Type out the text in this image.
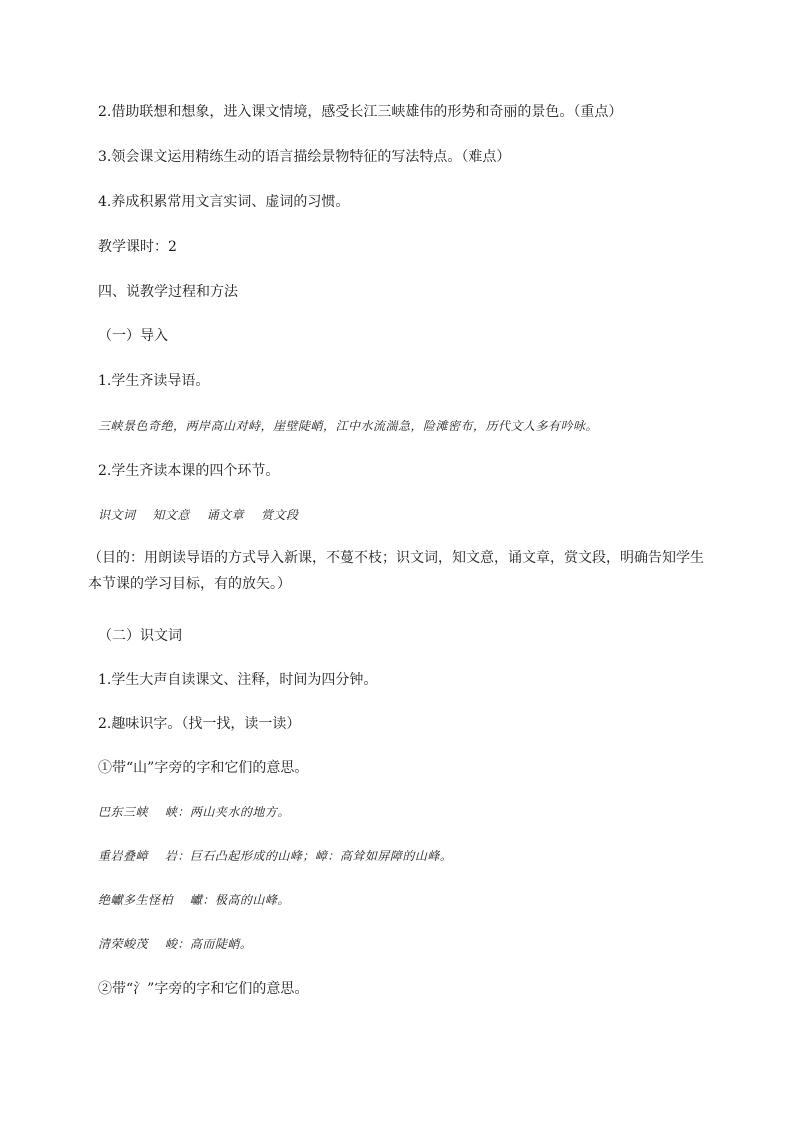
2.借助联想和想象，进入课文情境，感受长江三峡雄伟的形势和奇丽的景色。（重点）
3.领会课文运用精练生动的语言描绘景物特征的写法特点。（难点）
4.养成积累常用文言实词、虚词的习惯。
教学课时：2
四、说教学过程和方法
（一）导入
1.学生齐读导语。
三峡景色奇绝，两岸高山对峙，崖壁陡峭，江中水流湍急，险滩密布，历代文人多有吟咏。
2.学生齐读本课的四个环节。
识文词　 知文意　 诵文章　 赏文段
（目的：用朗读导语的方式导入新课，不蔓不枝；识文词，知文意，诵文章，赏文段，明确告知学生本节课的学习目标，有的放矢。）
（二）识文词
1.学生大声自读课文、注释，时间为四分钟。
2.趣味识字。（找一找，读一读）
①带“山”字旁的字和它们的意思。
巴东三峡　 峡：两山夹水的地方。
重岩叠嶂　 岩：巨石凸起形成的山峰；嶂：高耸如屏障的山峰。
绝巘多生怪柏　 巘：极高的山峰。
清荣峻茂　 峻：高而陡峭。
②带“氵”字旁的字和它们的意思。
